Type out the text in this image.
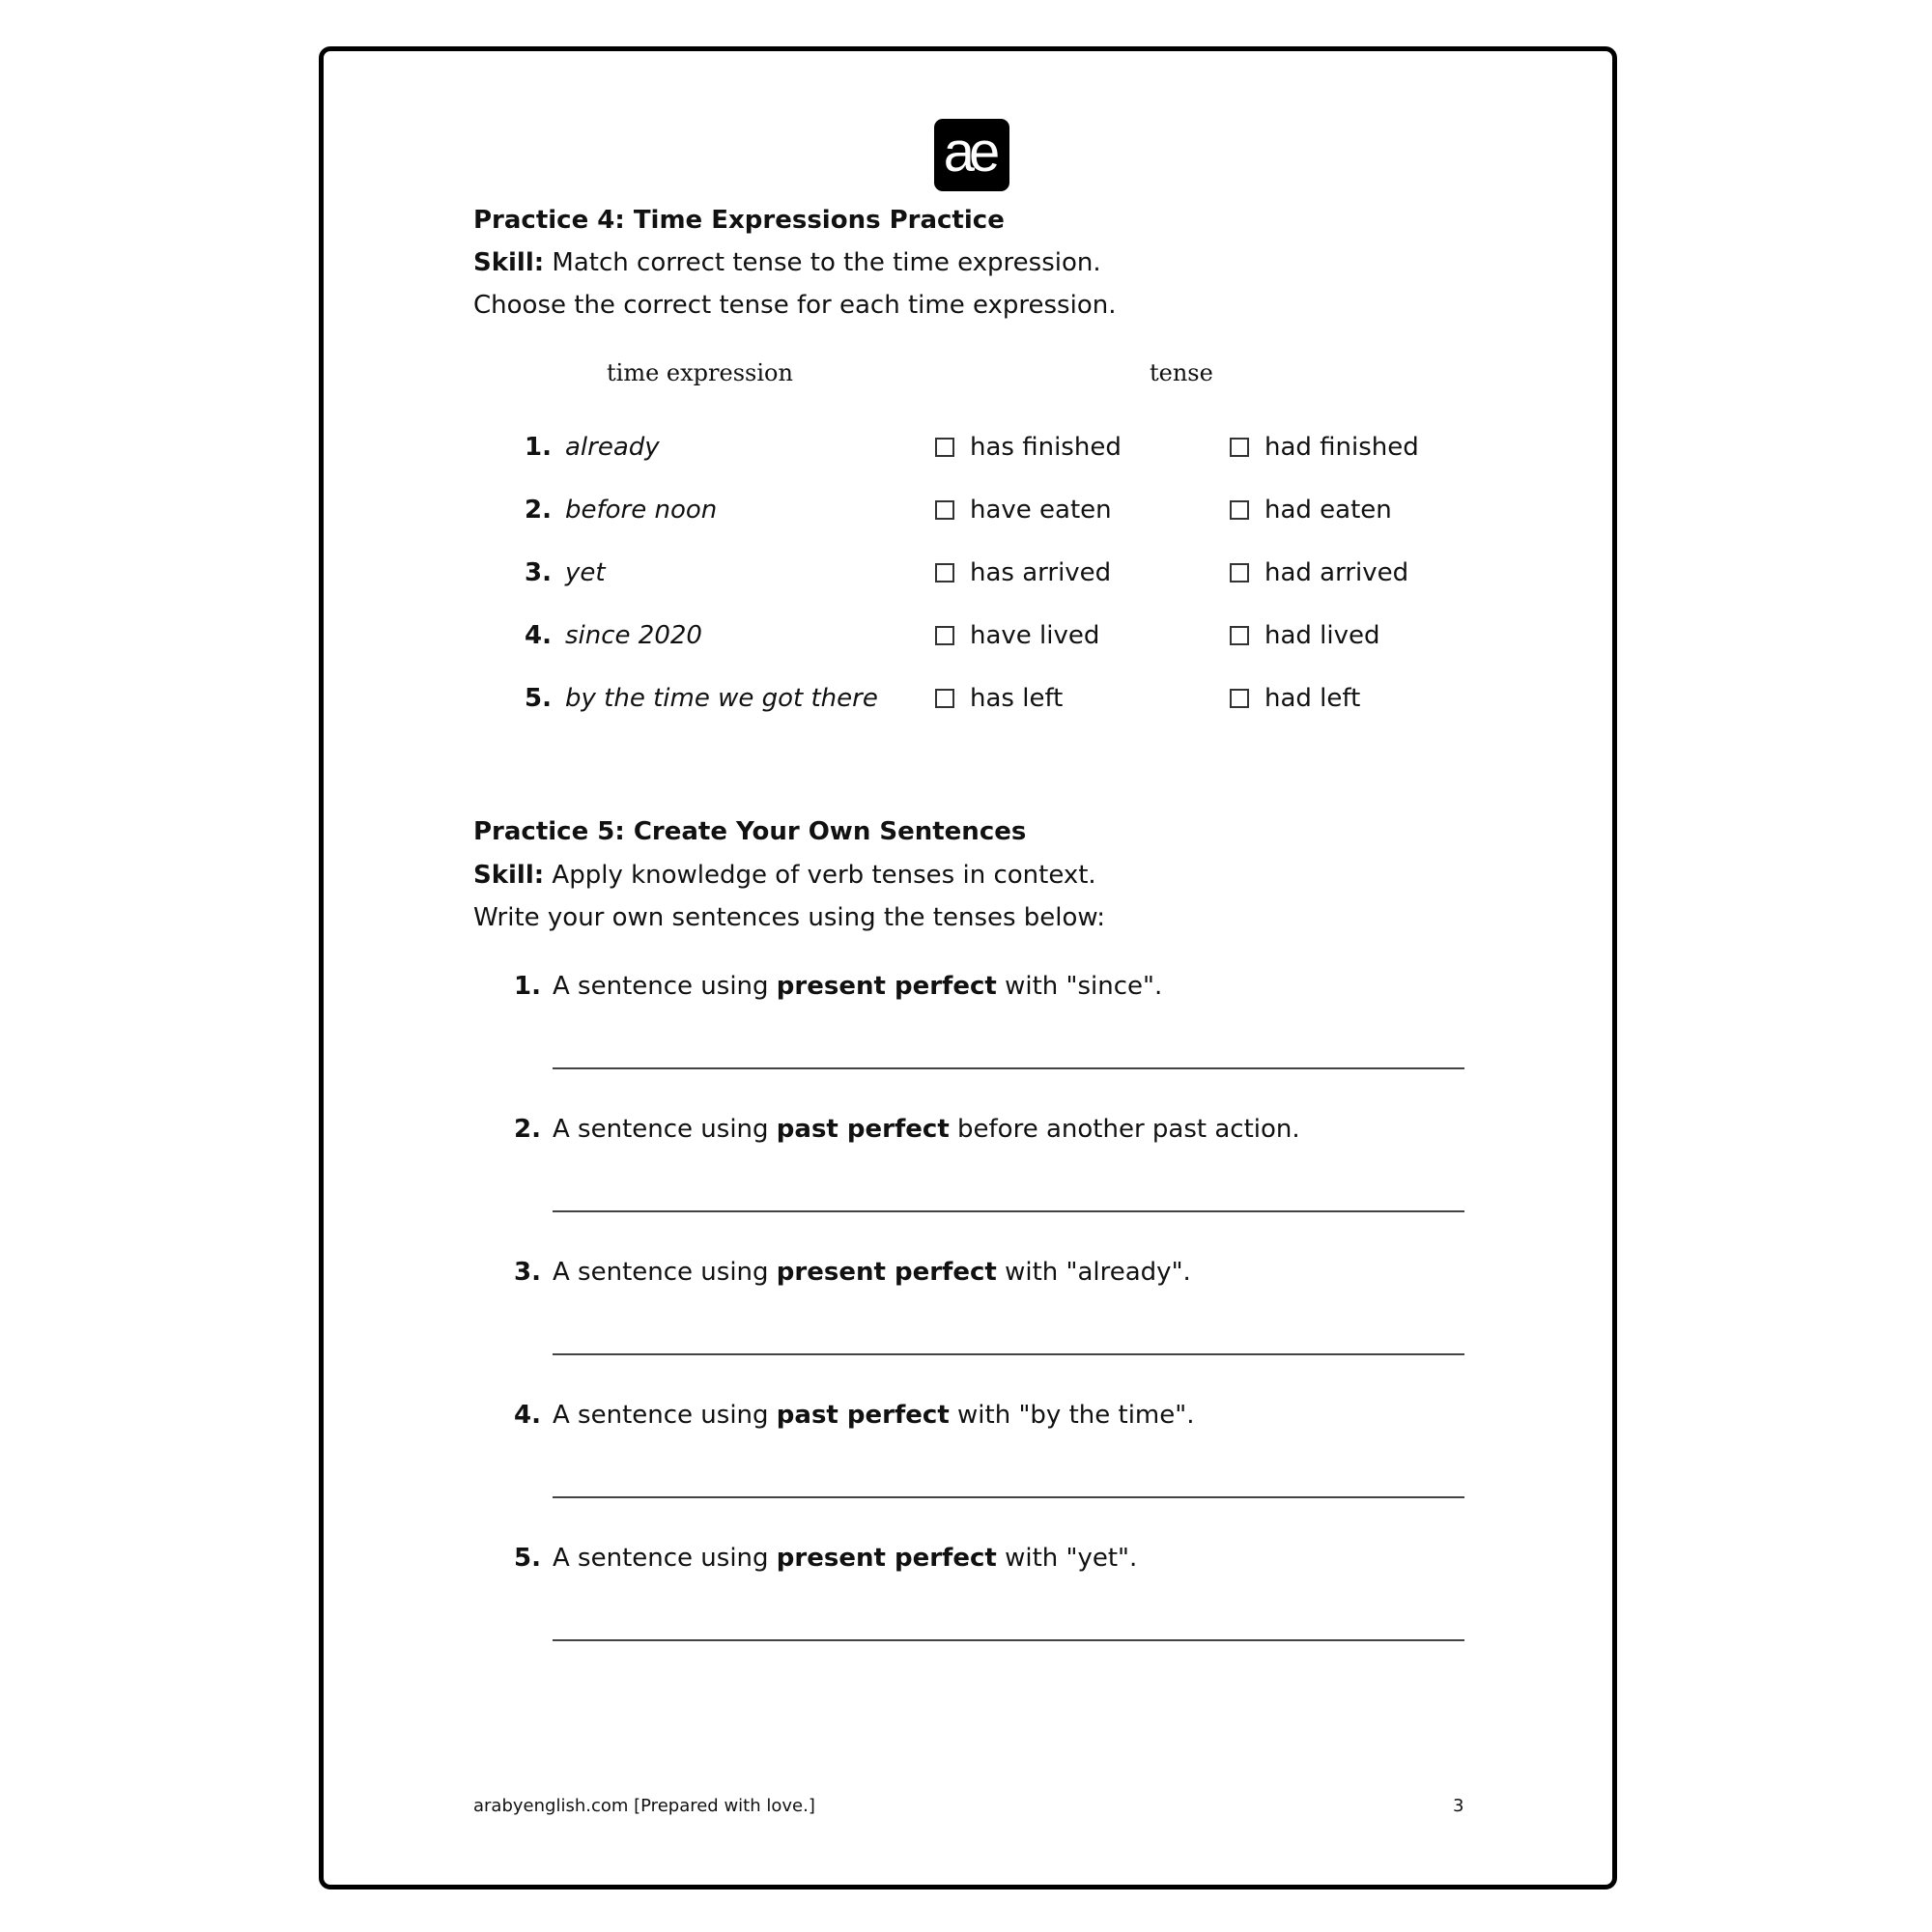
ae
Practice 4: Time Expressions Practice
Skill: Match correct tense to the time expression.
Choose the correct tense for each time expression.
time expression	tense
1. already	has finished	had finished
2. before noon	have eaten	had eaten
3. yet	has arrived	had arrived
4. since 2020	have lived	had lived
5. by the time we got there	has left	had left
Practice 5: Create Your Own Sentences
Skill: Apply knowledge of verb tenses in context.
Write your own sentences using the tenses below:
1. A sentence using present perfect with "since".
2. A sentence using past perfect before another past action.
3. A sentence using present perfect with "already".
4. A sentence using past perfect with "by the time".
5. A sentence using present perfect with "yet".
arabyenglish.com [Prepared with love.]	3
